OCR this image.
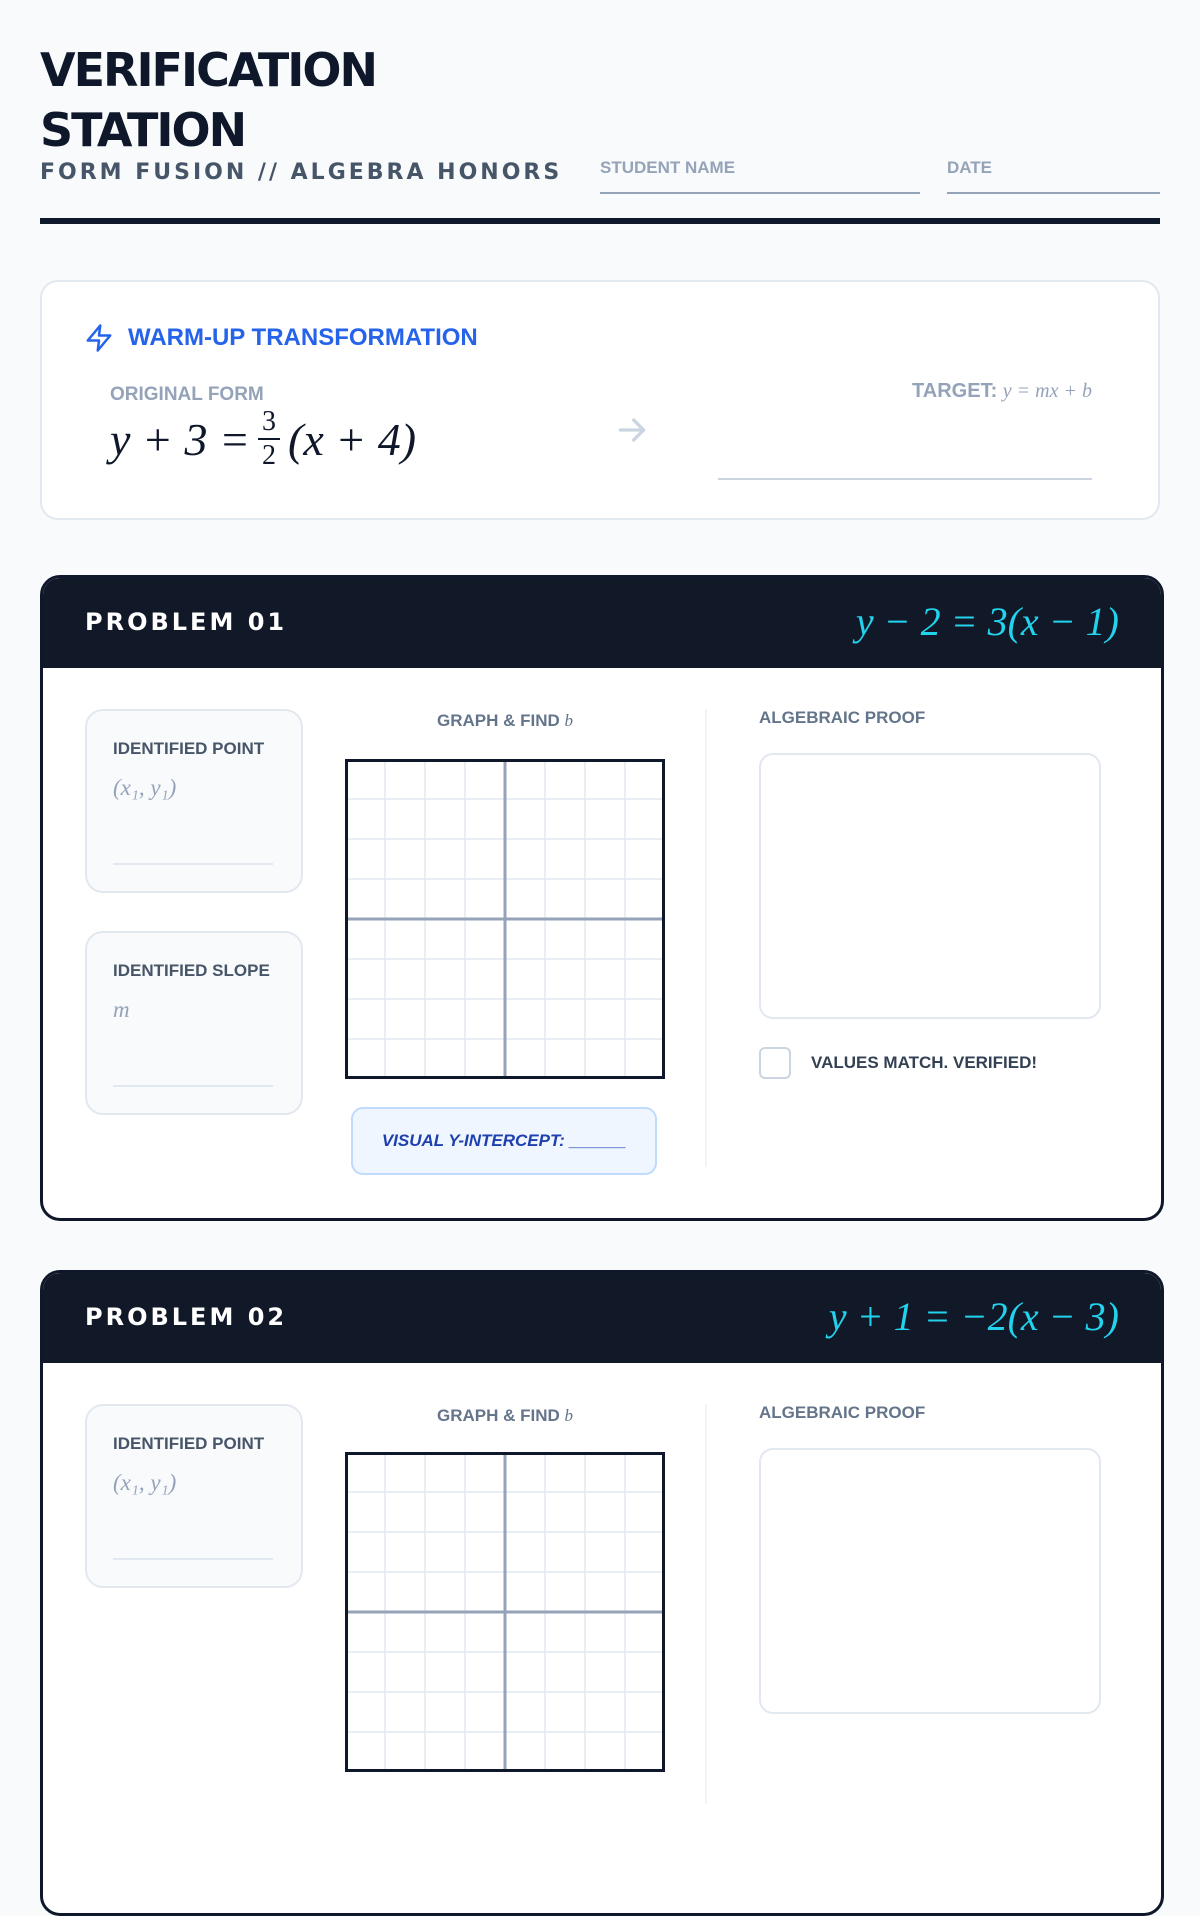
VERIFICATION
STATION
FORM FUSION // ALGEBRA HONORS STUDENT NAME	DATE
WARM-UP TRANSFORMATION
ORIGINAL FORM
$y + 3 = \frac{3}{2} (x + 4)$
TARGET: y = mx + b
PROBLEM 01	y − 2 = 3(x − 1)
IDENTIFIED POINT
(x₁, y₁)
IDENTIFIED SLOPE
m
GRAPH & FIND b
VISUAL Y-INTERCEPT: ______
ALGEBRAIC PROOF
VALUES MATCH. VERIFIED!
PROBLEM 02	y + 1 = −2(x − 3)
IDENTIFIED POINT
(x₁, y₁)
GRAPH & FIND b	ALGEBRAIC PROOF
